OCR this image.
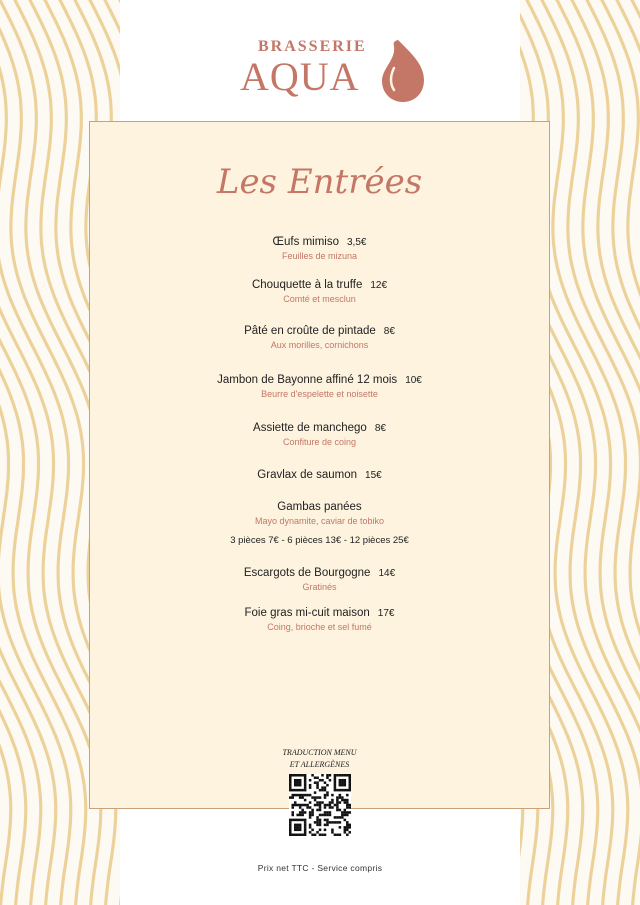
BRASSERIE
AQUA
Les Entrées
Œufs mimiso 3,5€
Feuilles de mizuna
Chouquette à la truffe 12€
Comté et mesclun
Pâté en croûte de pintade 8€
Aux morilles, cornichons
Jambon de Bayonne affiné 12 mois 10€
Beurre d'espelette et noisette
Assiette de manchego 8€
Confiture de coing
Gravlax de saumon 15€
Gambas panées
Mayo dynamite, caviar de tobiko
3 pièces 7€ - 6 pièces 13€ - 12 pièces 25€
Escargots de Bourgogne 14€
Gratinés
Foie gras mi-cuit maison 17€
Coing, brioche et sel fumé
TRADUCTION MENU
ET ALLERGÈNES
Prix net TTC - Service compris
